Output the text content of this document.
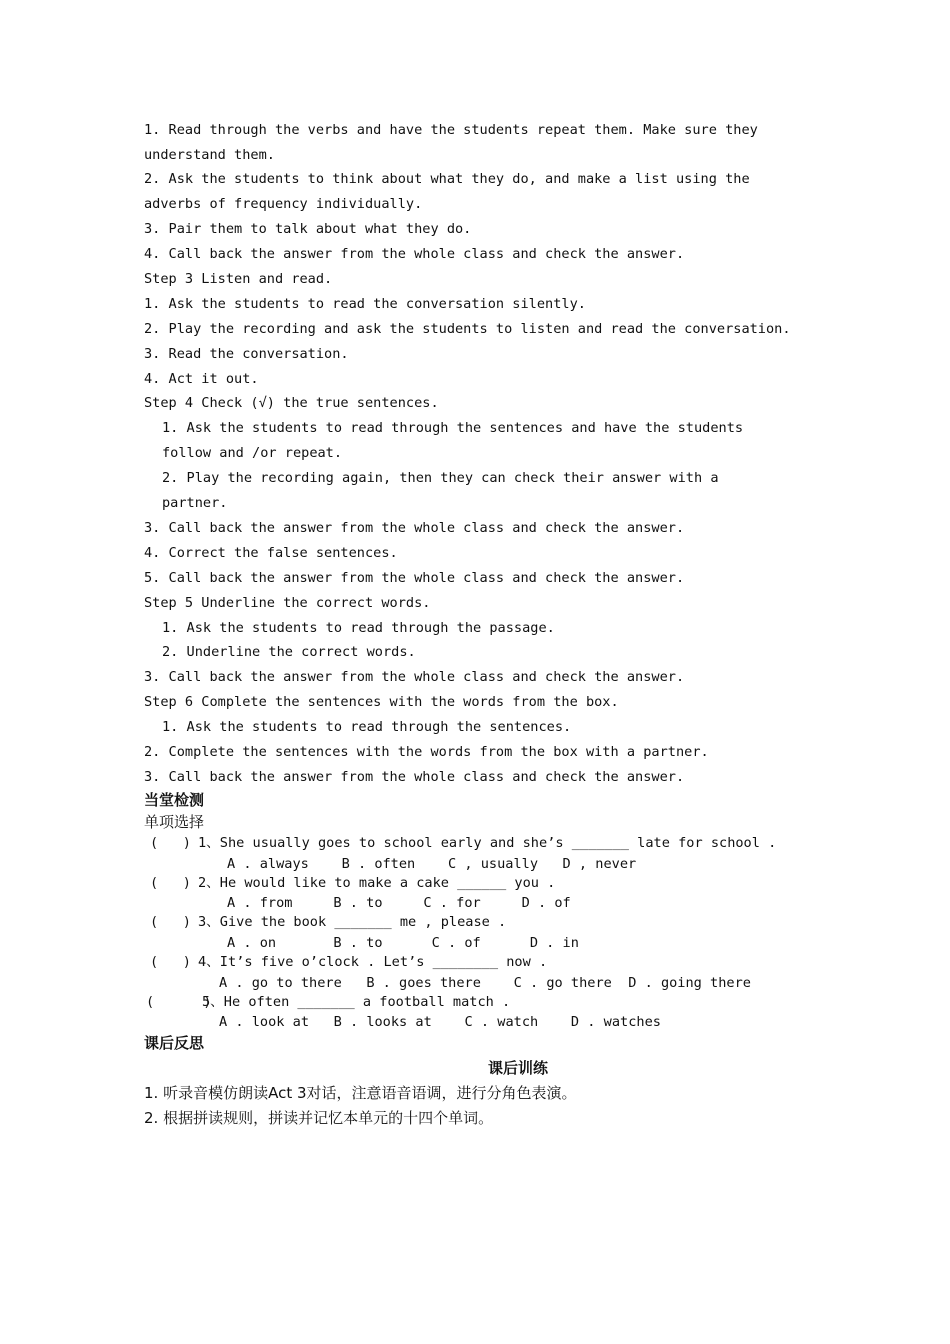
1. Read through the verbs and have the students repeat them. Make sure they
understand them.
2. Ask the students to think about what they do, and make a list using the
adverbs of frequency individually.
3. Pair them to talk about what they do.
4. Call back the answer from the whole class and check the answer.
Step 3 Listen and read.
1. Ask the students to read the conversation silently.
2. Play the recording and ask the students to listen and read the conversation.
3. Read the conversation.
4. Act it out.
Step 4 Check (√) the true sentences.
1. Ask the students to read through the sentences and have the students
follow and /or repeat.
2. Play the recording again, then they can check their answer with a
partner.
3. Call back the answer from the whole class and check the answer.
4. Correct the false sentences.
5. Call back the answer from the whole class and check the answer.
Step 5 Underline the correct words.
1. Ask the students to read through the passage.
2. Underline the correct words.
3. Call back the answer from the whole class and check the answer.
Step 6 Complete the sentences with the words from the box.
1. Ask the students to read through the sentences.
2. Complete the sentences with the words from the box with a partner.
3. Call back the answer from the whole class and check the answer.
当堂检测
单项选择
(   ) 1、She usually goes to school early and she’s _______ late for school .
A . always    B . often    C , usually   D , never
(   ) 2、He would like to make a cake ______ you .
A . from     B . to     C . for     D . of
(   ) 3、Give the book _______ me , please .
A . on       B . to      C . of      D . in
(   ) 4、It’s five o’clock . Let’s ________ now .
A . go to there   B . goes there    C . go there  D . going there
(      )
5、He often _______ a football match .
A . look at   B . looks at    C . watch    D . watches
课后反思
课后训练
1. 听录音模仿朗读Act 3对话，注意语音语调，进行分角色表演。
2. 根据拼读规则，拼读并记忆本单元的十四个单词。
